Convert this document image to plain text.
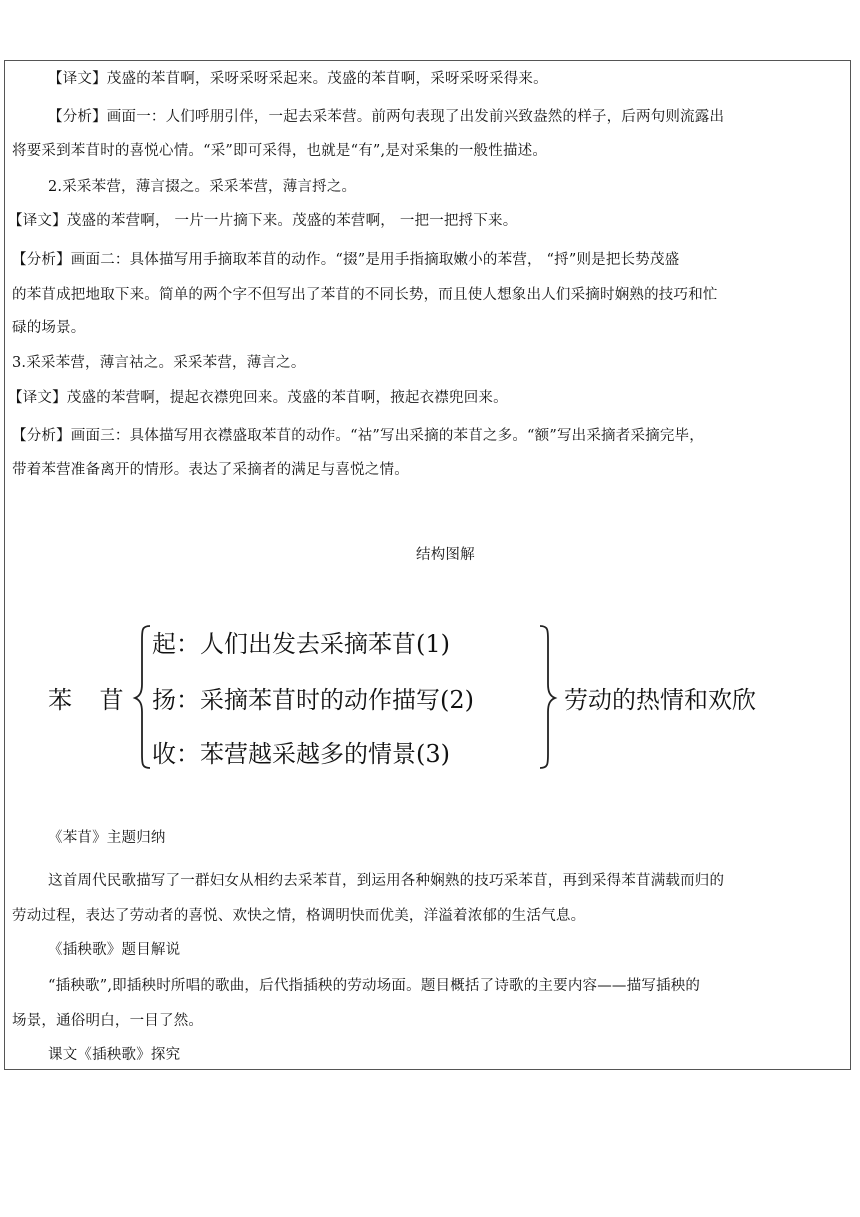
【译文】茂盛的苯苜啊，采呀采呀采起来。茂盛的苯苜啊，采呀采呀采得来。
【分析】画面一：人们呼朋引伴，一起去采苯营。前两句表现了出发前兴致盎然的样子，后两句则流露出
将要采到苯苜时的喜悦心情。“采”即可采得，也就是“有”,是对采集的一般性描述。
2.采采苯营，薄言掇之。采采苯营，薄言捋之。
【译文】茂盛的苯营啊， 一片一片摘下来。茂盛的苯营啊， 一把一把捋下来。
【分析】画面二：具体描写用手摘取苯苜的动作。“掇”是用手指摘取嫩小的苯营， “捋”则是把长势茂盛
的苯苜成把地取下来。简单的两个字不但写出了苯苜的不同长势，而且使人想象出人们采摘时娴熟的技巧和忙
碌的场景。
3.采采苯营，薄言祜之。采采苯营，薄言之。
【译文】茂盛的苯营啊，提起衣襟兜回来。茂盛的苯苜啊，掖起衣襟兜回来。
【分析】画面三：具体描写用衣襟盛取苯苜的动作。“祜”写出采摘的苯苜之多。“额”写出采摘者采摘完毕，
带着苯营准备离开的情形。表达了采摘者的满足与喜悦之情。
结构图解
苯 苜
起：人们出发去采摘苯苜(1)
扬：采摘苯苜时的动作描写(2)
收：苯营越采越多的情景(3)
劳动的热情和欢欣
《苯苜》主题归纳
这首周代民歌描写了一群妇女从相约去采苯苜，到运用各种娴熟的技巧采苯苜，再到采得苯苜满载而归的
劳动过程，表达了劳动者的喜悦、欢快之情，格调明快而优美，洋溢着浓郁的生活气息。
《插秧歌》题目解说
“插秧歌”,即插秧时所唱的歌曲，后代指插秧的劳动场面。题目概括了诗歌的主要内容——描写插秧的
场景，通俗明白，一目了然。
课文《插秧歌》探究
